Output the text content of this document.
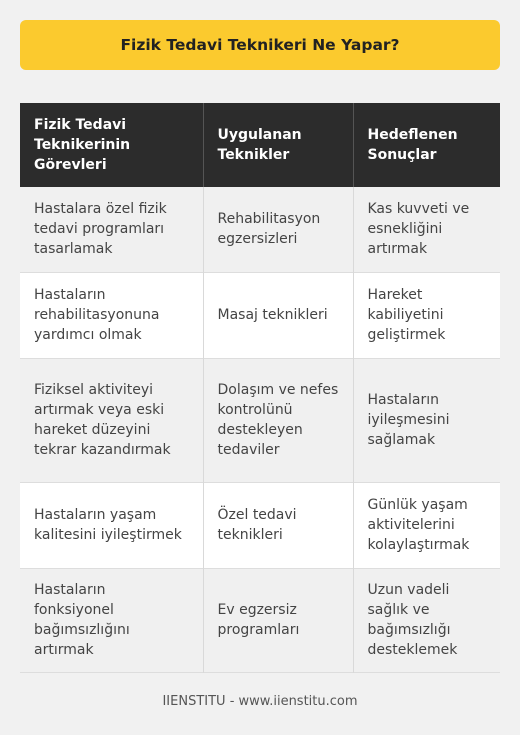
Fizik Tedavi Teknikeri Ne Yapar?
Fizik Tedavi Teknikerinin Görevleri	Uygulanan Teknikler	Hedeflenen Sonuçlar
Hastalara özel fizik tedavi programları tasarlamak	Rehabilitasyon egzersizleri	Kas kuvveti ve esnekliğini artırmak
Hastaların rehabilitasyonuna yardımcı olmak	Masaj teknikleri	Hareket kabiliyetini geliştirmek
Fiziksel aktiviteyi artırmak veya eski hareket düzeyini tekrar kazandırmak	Dolaşım ve nefes kontrolünü destekleyen tedaviler	Hastaların iyileşmesini sağlamak
Hastaların yaşam kalitesini iyileştirmek	Özel tedavi teknikleri	Günlük yaşam aktivitelerini kolaylaştırmak
Hastaların fonksiyonel bağımsızlığını artırmak	Ev egzersiz programları	Uzun vadeli sağlık ve bağımsızlığı desteklemek
IIENSTITU - www.iienstitu.com
